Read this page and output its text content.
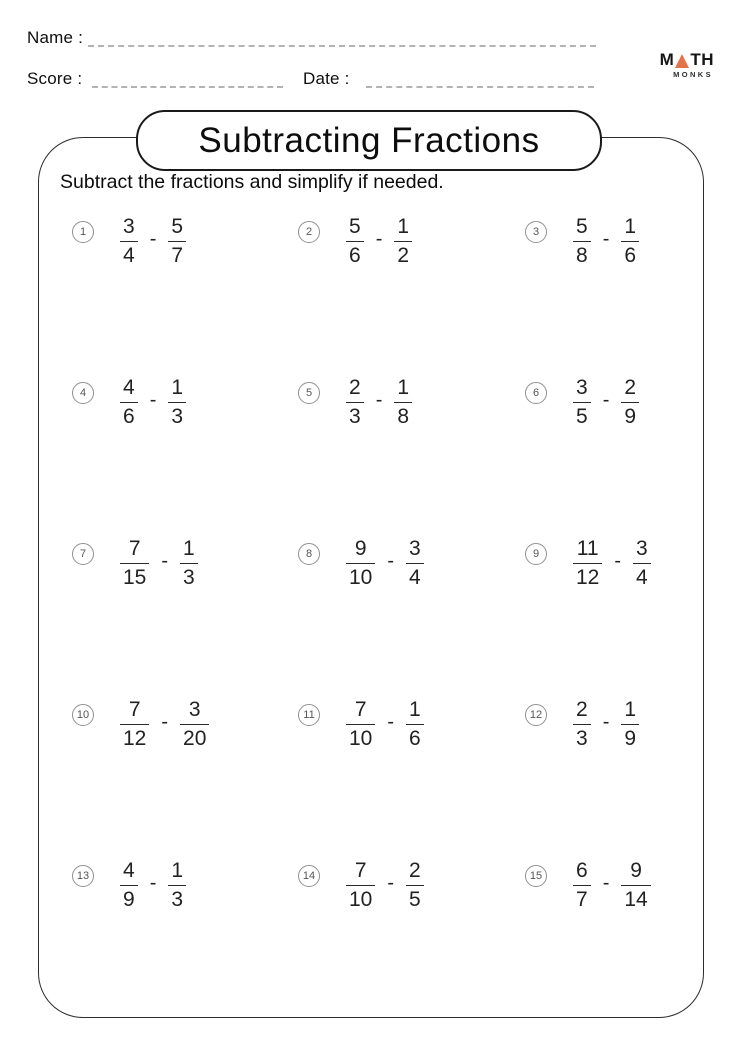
Name :
Score :	Date :
M TH
MONKS
Subtracting Fractions
Subtract the fractions and simplify if needed.
$1 \frac{3}{4} - \frac{5}{7}$	$2 \frac{5}{6} - \frac{1}{2}$	$3 \frac{5}{8} - \frac{1}{6}$
$4 \frac{4}{6} - \frac{1}{3}$	$5 \frac{2}{3} - \frac{1}{8}$	$6 \frac{3}{5} - \frac{2}{9}$
$7 \frac{7}{15} - \frac{1}{3}$	$8 \frac{9}{10} - \frac{3}{4}$	$9 \frac{11}{12} - \frac{3}{4}$
$10 \frac{7}{12} - \frac{3}{20}$	$11 \frac{7}{10} - \frac{1}{6}$	$12 \frac{2}{3} - \frac{1}{9}$
$13 \frac{4}{9} - \frac{1}{3}$	$14 \frac{7}{10} - \frac{2}{5}$	$15 \frac{6}{7} - \frac{9}{14}$
